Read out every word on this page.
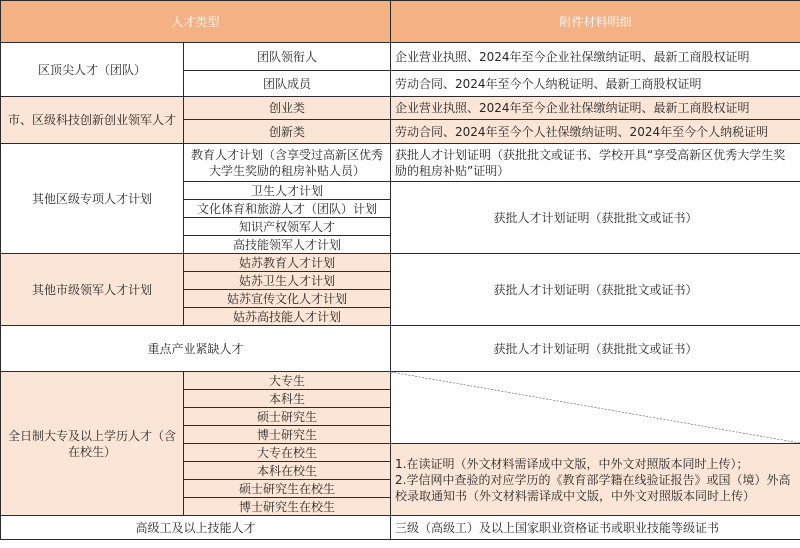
人才类型		附件材料明细
区顶尖人才（团队）	团队领衔人	企业营业执照、2024年至今企业社保缴纳证明、最新工商股权证明
	团队成员	劳动合同、2024年至今个人纳税证明、最新工商股权证明
市、区级科技创新创业领军人才	创业类	企业营业执照、2024年至今企业社保缴纳证明、最新工商股权证明
	创新类	劳动合同、2024年至今个人社保缴纳证明、2024年至今个人纳税证明
其他区级专项人才计划	教育人才计划（含享受过高新区优秀大学生奖励的租房补贴人员）	获批人才计划证明（获批批文或证书、学校开具“享受高新区优秀大学生奖励的租房补贴”证明）
	卫生人才计划	获批人才计划证明（获批批文或证书）
	文化体育和旅游人才（团队）计划	
	知识产权领军人才	
	高技能领军人才计划	
其他市级领军人才计划	姑苏教育人才计划	获批人才计划证明（获批批文或证书）
	姑苏卫生人才计划	
	姑苏宣传文化人才计划	
	姑苏高技能人才计划	
重点产业紧缺人才		获批人才计划证明（获批批文或证书）
全日制大专及以上学历人才（含在校生）	大专生	

	本科生	
	硕士研究生	
	博士研究生	
	大专在校生	1.在读证明（外文材料需译成中文版，中外文对照版本同时上传）；
2.学信网中查验的对应学历的《教育部学籍在线验证报告》或国（境）外高校录取通知书（外文材料需译成中文版，中外文对照版本同时上传）

	本科在校生	
	硕士研究生在校生	
	博士研究生在校生	
高级工及以上技能人才		三级（高级工）及以上国家职业资格证书或职业技能等级证书
